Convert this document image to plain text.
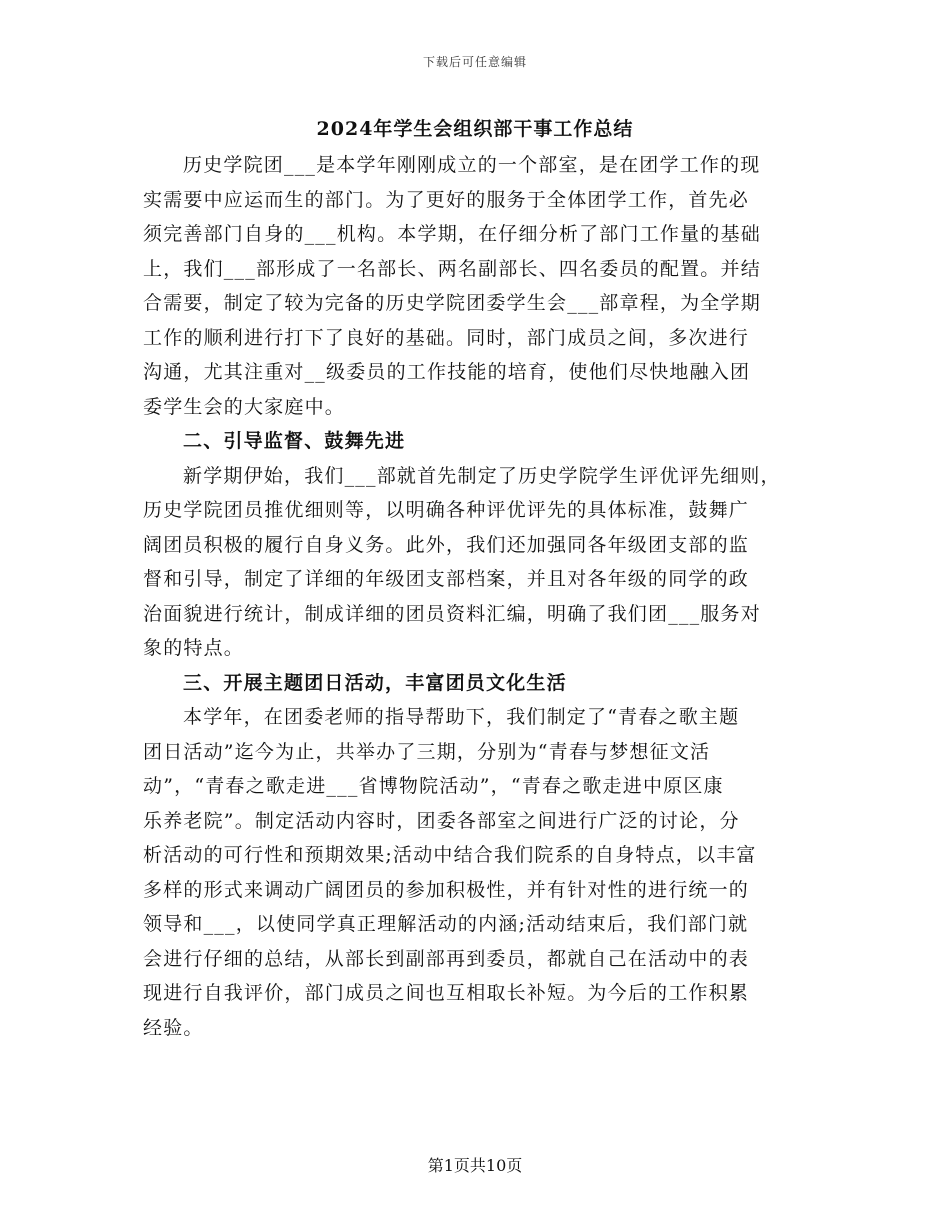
下载后可任意编辑
2024年学生会组织部干事工作总结
历史学院团___是本学年刚刚成立的一个部室，是在团学工作的现
实需要中应运而生的部门。为了更好的服务于全体团学工作，首先必
须完善部门自身的___机构。本学期，在仔细分析了部门工作量的基础
上，我们___部形成了一名部长、两名副部长、四名委员的配置。并结
合需要，制定了较为完备的历史学院团委学生会___部章程，为全学期
工作的顺利进行打下了良好的基础。同时，部门成员之间，多次进行
沟通，尤其注重对__级委员的工作技能的培育，使他们尽快地融入团
委学生会的大家庭中。
二、引导监督、鼓舞先进
新学期伊始，我们___部就首先制定了历史学院学生评优评先细则，
历史学院团员推优细则等，以明确各种评优评先的具体标准，鼓舞广
阔团员积极的履行自身义务。此外，我们还加强同各年级团支部的监
督和引导，制定了详细的年级团支部档案，并且对各年级的同学的政
治面貌进行统计，制成详细的团员资料汇编，明确了我们团___服务对
象的特点。
三、开展主题团日活动，丰富团员文化生活
本学年，在团委老师的指导帮助下，我们制定了“青春之歌主题
团日活动”迄今为止，共举办了三期，分别为“青春与梦想征文活
动”，“青春之歌走进___省博物院活动”，“青春之歌走进中原区康
乐养老院”。制定活动内容时，团委各部室之间进行广泛的讨论，分
析活动的可行性和预期效果;活动中结合我们院系的自身特点，以丰富
多样的形式来调动广阔团员的参加积极性，并有针对性的进行统一的
领导和___，以使同学真正理解活动的内涵;活动结束后，我们部门就
会进行仔细的总结，从部长到副部再到委员，都就自己在活动中的表
现进行自我评价，部门成员之间也互相取长补短。为今后的工作积累
经验。
第1页共10页
